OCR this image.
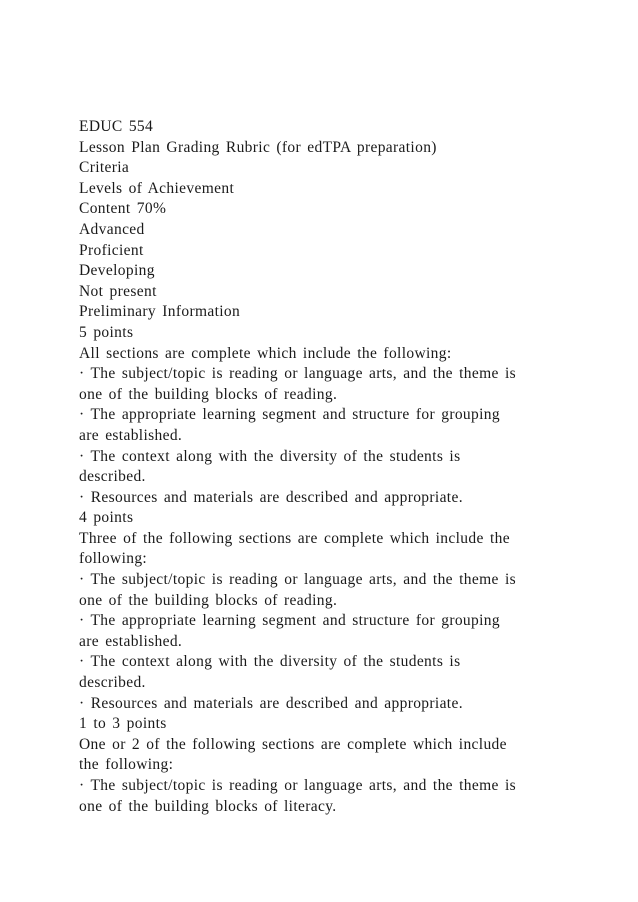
EDUC 554
Lesson Plan Grading Rubric (for edTPA preparation)
Criteria
Levels of Achievement
Content 70%
Advanced
Proficient
Developing
Not present
Preliminary Information
5 points
All sections are complete which include the following:
· The subject/topic is reading or language arts, and the theme is
one of the building blocks of reading.
· The appropriate learning segment and structure for grouping
are established.
· The context along with the diversity of the students is
described.
· Resources and materials are described and appropriate.
4 points
Three of the following sections are complete which include the
following:
· The subject/topic is reading or language arts, and the theme is
one of the building blocks of reading.
· The appropriate learning segment and structure for grouping
are established.
· The context along with the diversity of the students is
described.
· Resources and materials are described and appropriate.
1 to 3 points
One or 2 of the following sections are complete which include
the following:
· The subject/topic is reading or language arts, and the theme is
one of the building blocks of literacy.
